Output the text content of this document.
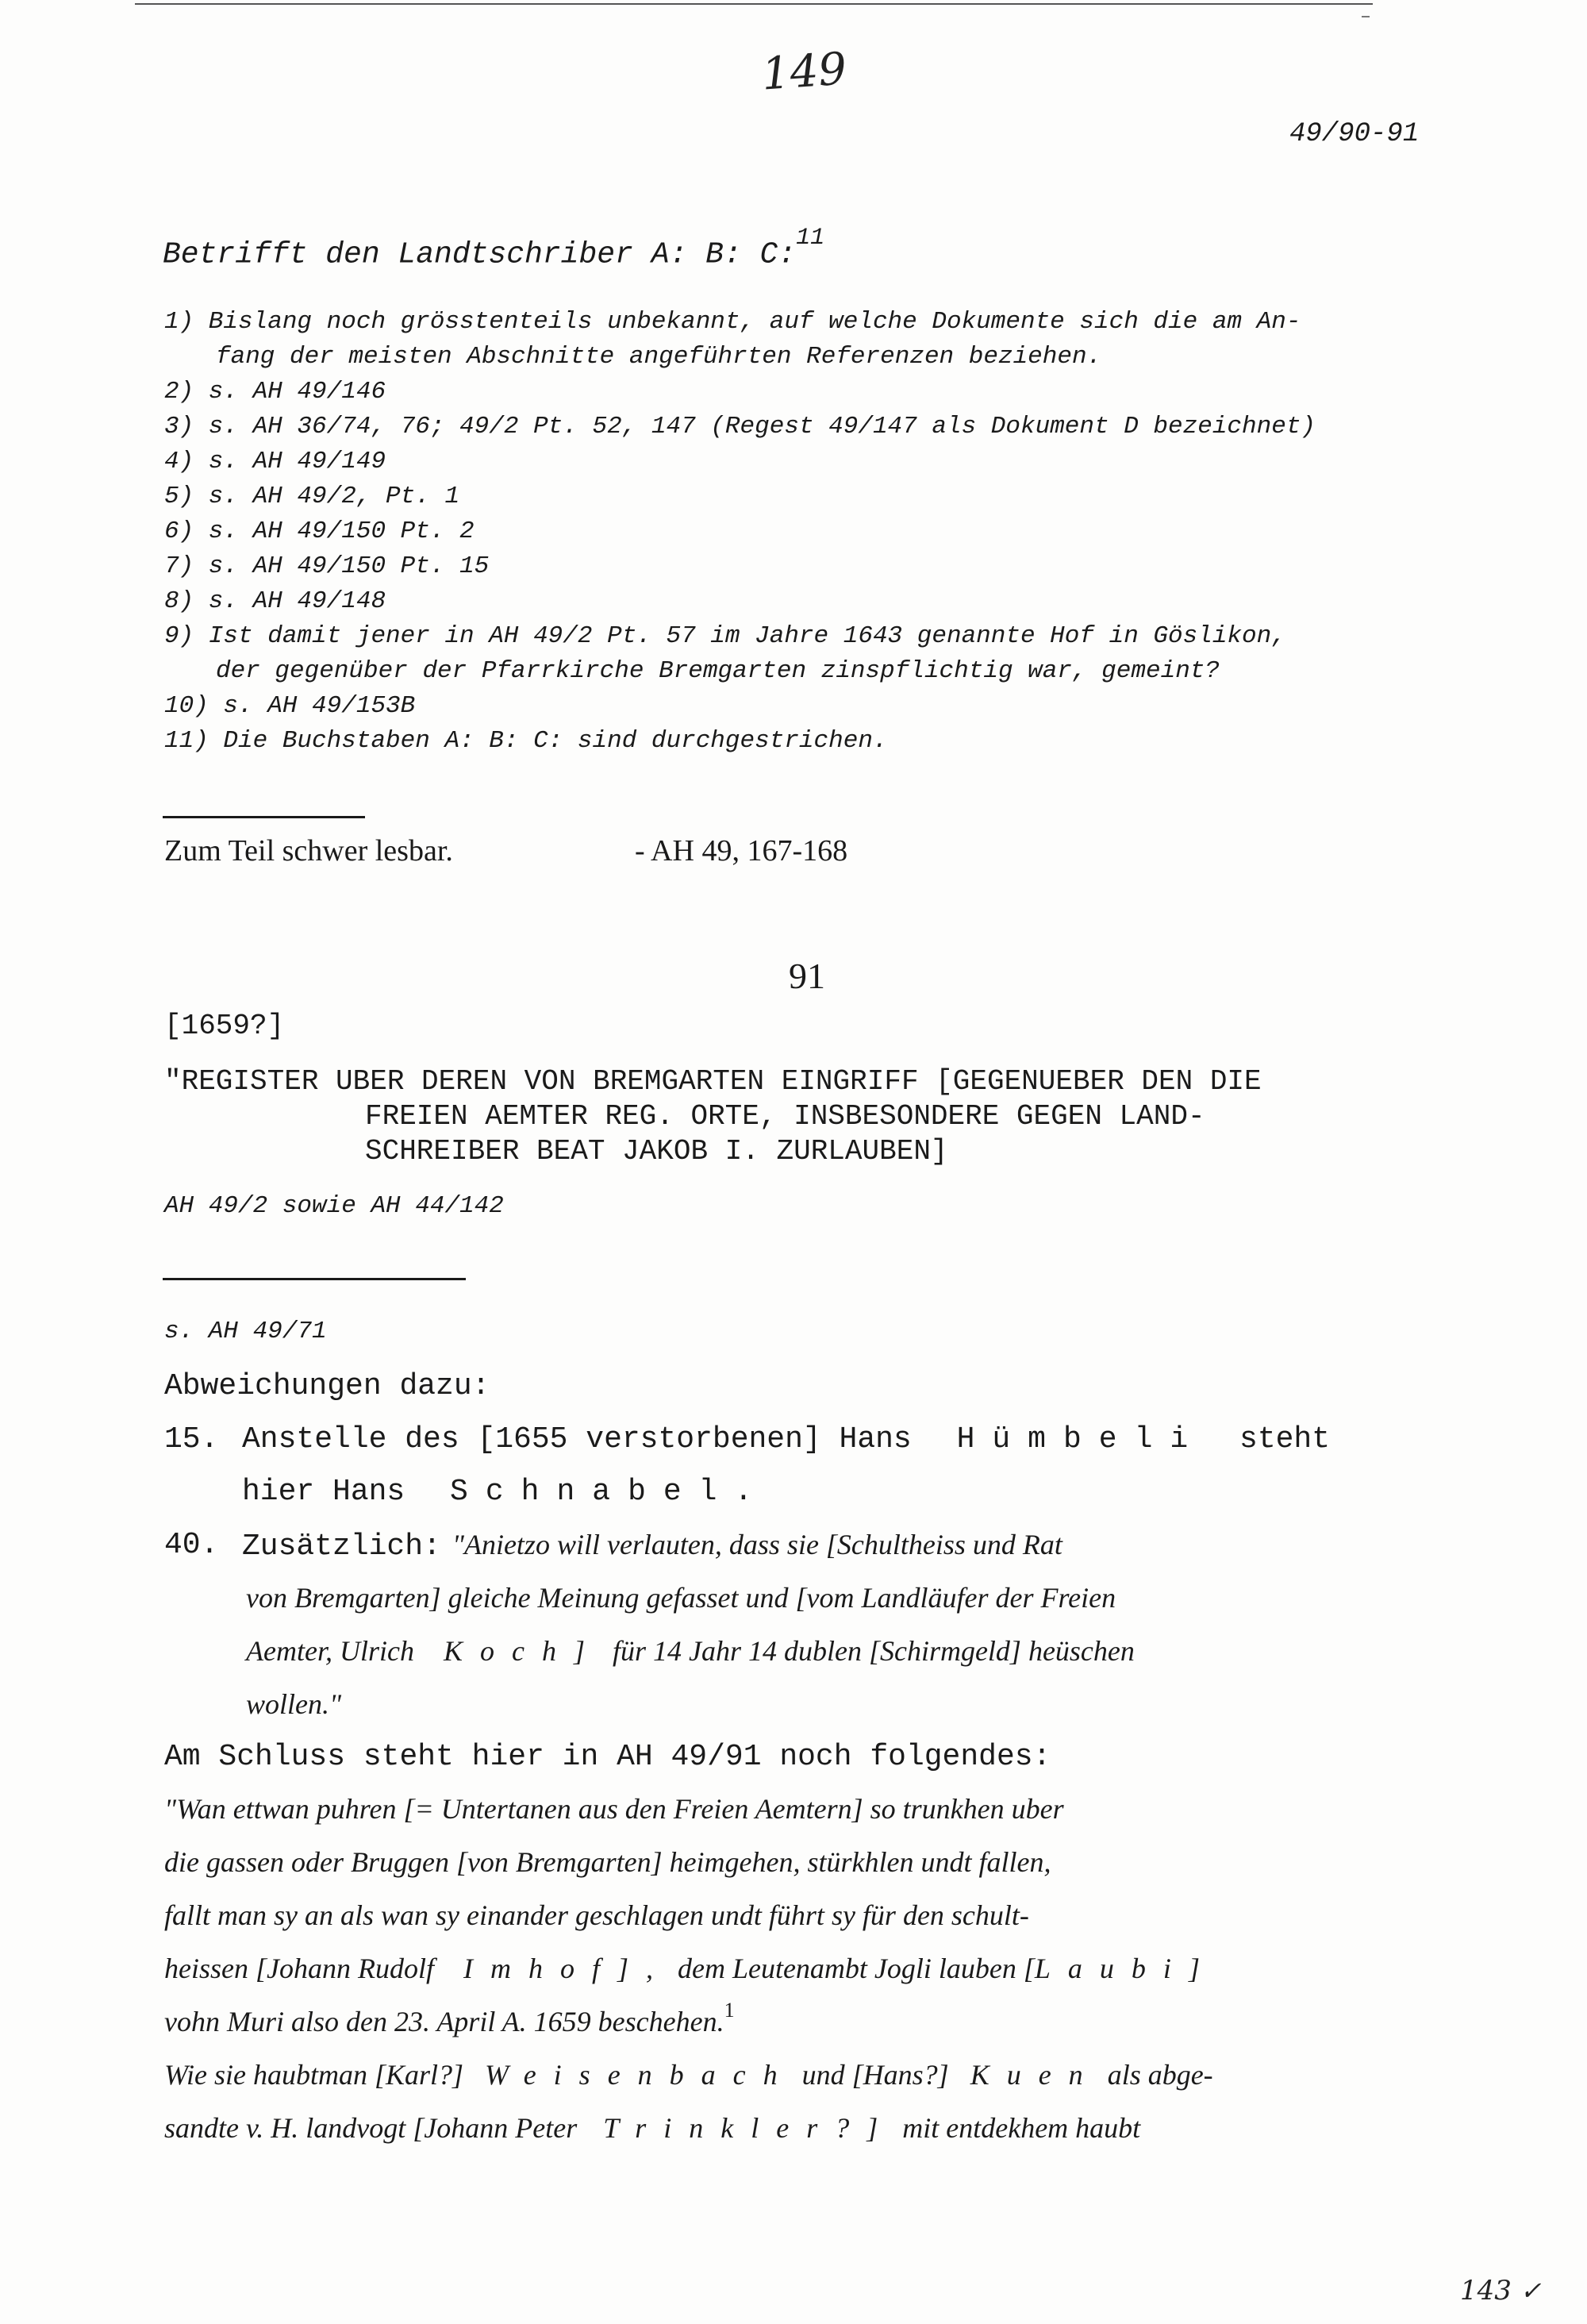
149
49/90-91
Betrifft den Landtschriber A: B: C:$^{11}$
1) Bislang noch grösstenteils unbekannt, auf welche Dokumente sich die am An-
fang der meisten Abschnitte angeführten Referenzen beziehen.
2) s. AH 49/146
3) s. AH 36/74, 76; 49/2 Pt. 52, 147 (Regest 49/147 als Dokument D bezeichnet)
4) s. AH 49/149
5) s. AH 49/2, Pt. 1
6) s. AH 49/150 Pt. 2
7) s. AH 49/150 Pt. 15
8) s. AH 49/148
9) Ist damit jener in AH 49/2 Pt. 57 im Jahre 1643 genannte Hof in Göslikon,
der gegenüber der Pfarrkirche Bremgarten zinspflichtig war, gemeint?
10) s. AH 49/153B
11) Die Buchstaben A: B: C: sind durchgestrichen.
Zum Teil schwer lesbar.	- AH 49, 167-168
91
[1659?]
"REGISTER UBER DEREN VON BREMGARTEN EINGRIFF [GEGENUEBER DEN DIE
FREIEN AEMTER REG. ORTE, INSBESONDERE GEGEN LAND-
SCHREIBER BEAT JAKOB I. ZURLAUBEN]
AH 49/2 sowie AH 44/142
s. AH 49/71
Abweichungen dazu:
15. Anstelle des [1655 verstorbenen] Hans Hümbeli steht
hier Hans Schnabel.
40. Zusätzlich: "Anietzo will verlauten, dass sie [Schultheiss und Rat
von Bremgarten] gleiche Meinung gefasset und [vom Landläufer der Freien
Aemter, Ulrich Koch] für 14 Jahr 14 dublen [Schirmgeld] heüschen
wollen."
Am Schluss steht hier in AH 49/91 noch folgendes:
"Wan ettwan puhren [= Untertanen aus den Freien Aemtern] so trunkhen uber
die gassen oder Bruggen [von Bremgarten] heimgehen, stürkhlen undt fallen,
fallt man sy an als wan sy einander geschlagen undt führt sy für den schult-
heissen [Johann Rudolf Imhof], dem Leutenambt Jogli lauben [Laubi]
vohn Muri also den 23. April A. 1659 beschehen.$^1$
Wie sie haubtman [Karl?] Weisenbach und [Hans?] Kuen als abge-
sandte v. H. landvogt [Johann Peter Trinkler?] mit entdekhem haubt
143 ✓
